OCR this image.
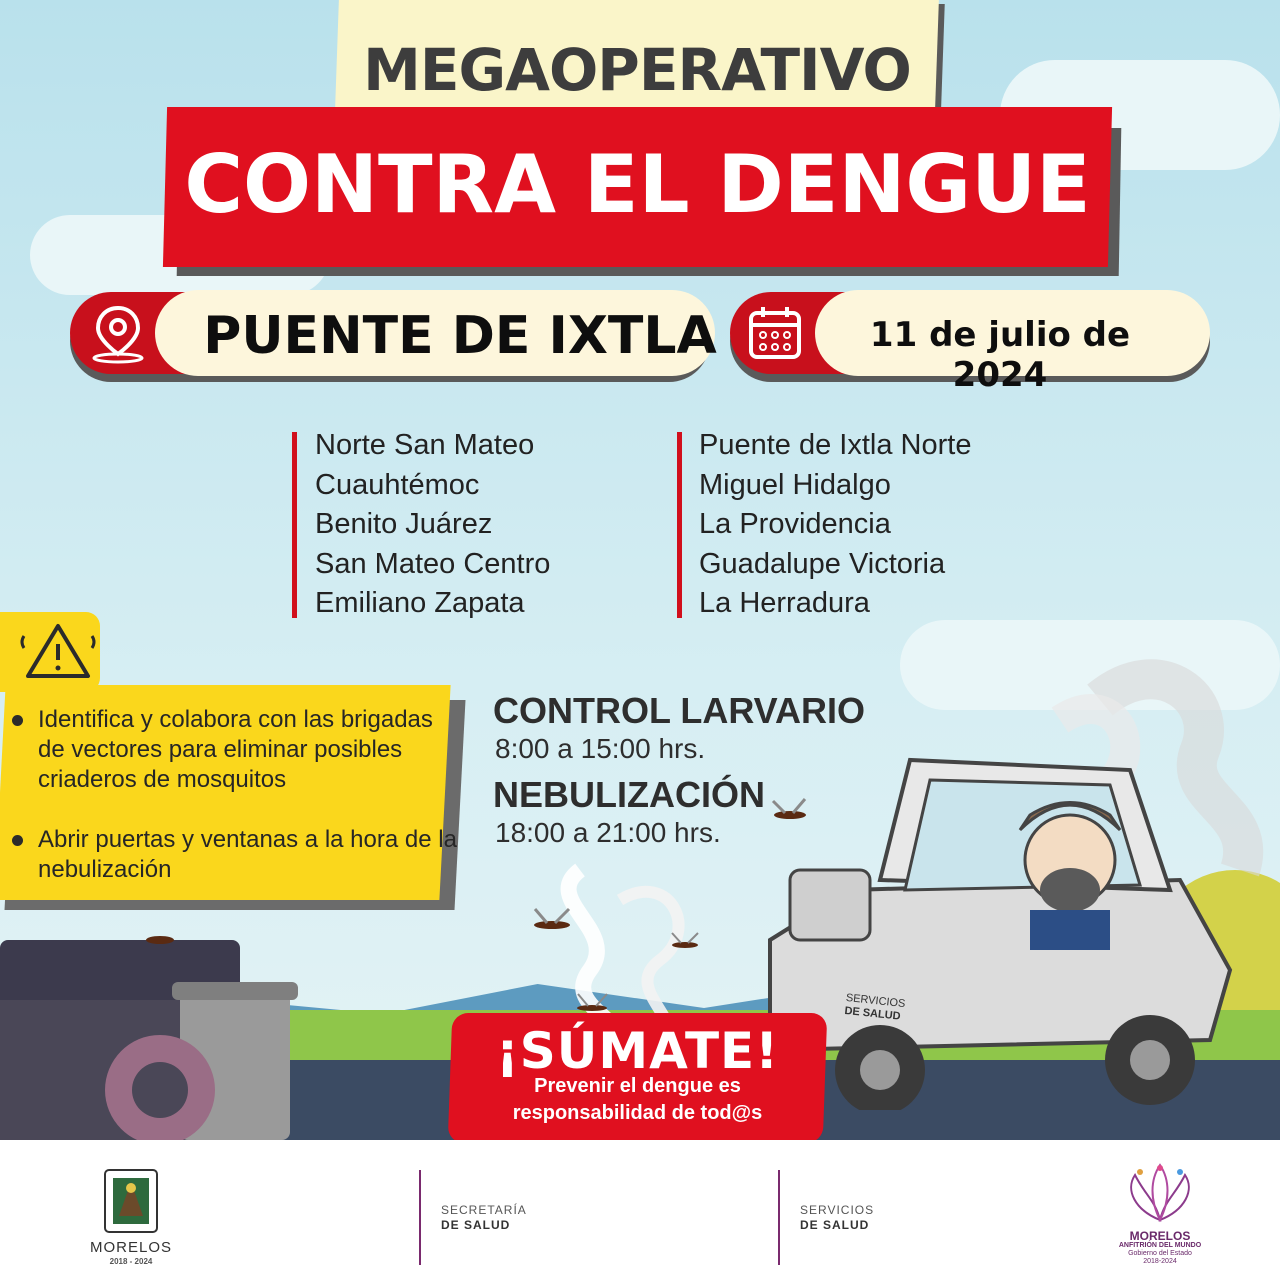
SERVICIOS
DE SALUD
MEGAOPERATIVO
CONTRA EL DENGUE
PUENTE DE IXTLA	11 de julio de 2024
Norte San Mateo
Cuauhtémoc
Benito Juárez
San Mateo Centro
Emiliano Zapata
Puente de Ixtla Norte
Miguel Hidalgo
La Providencia
Guadalupe Victoria
La Herradura
Identifica y colabora con las brigadas de vectores para eliminar posibles criaderos de mosquitos
Abrir puertas y ventanas a la hora de la nebulización
CONTROL LARVARIO
8:00 a 15:00 hrs.
NEBULIZACIÓN
18:00 a 21:00 hrs.
¡SÚMATE!
Prevenir el dengue es
responsabilidad de tod@s
MORELOS
2018 - 2024
SECRETARÍA
DE SALUD
SERVICIOS
DE SALUD
MORELOS
ANFITRIÓN DEL MUNDO
Gobierno del Estado
2018-2024
